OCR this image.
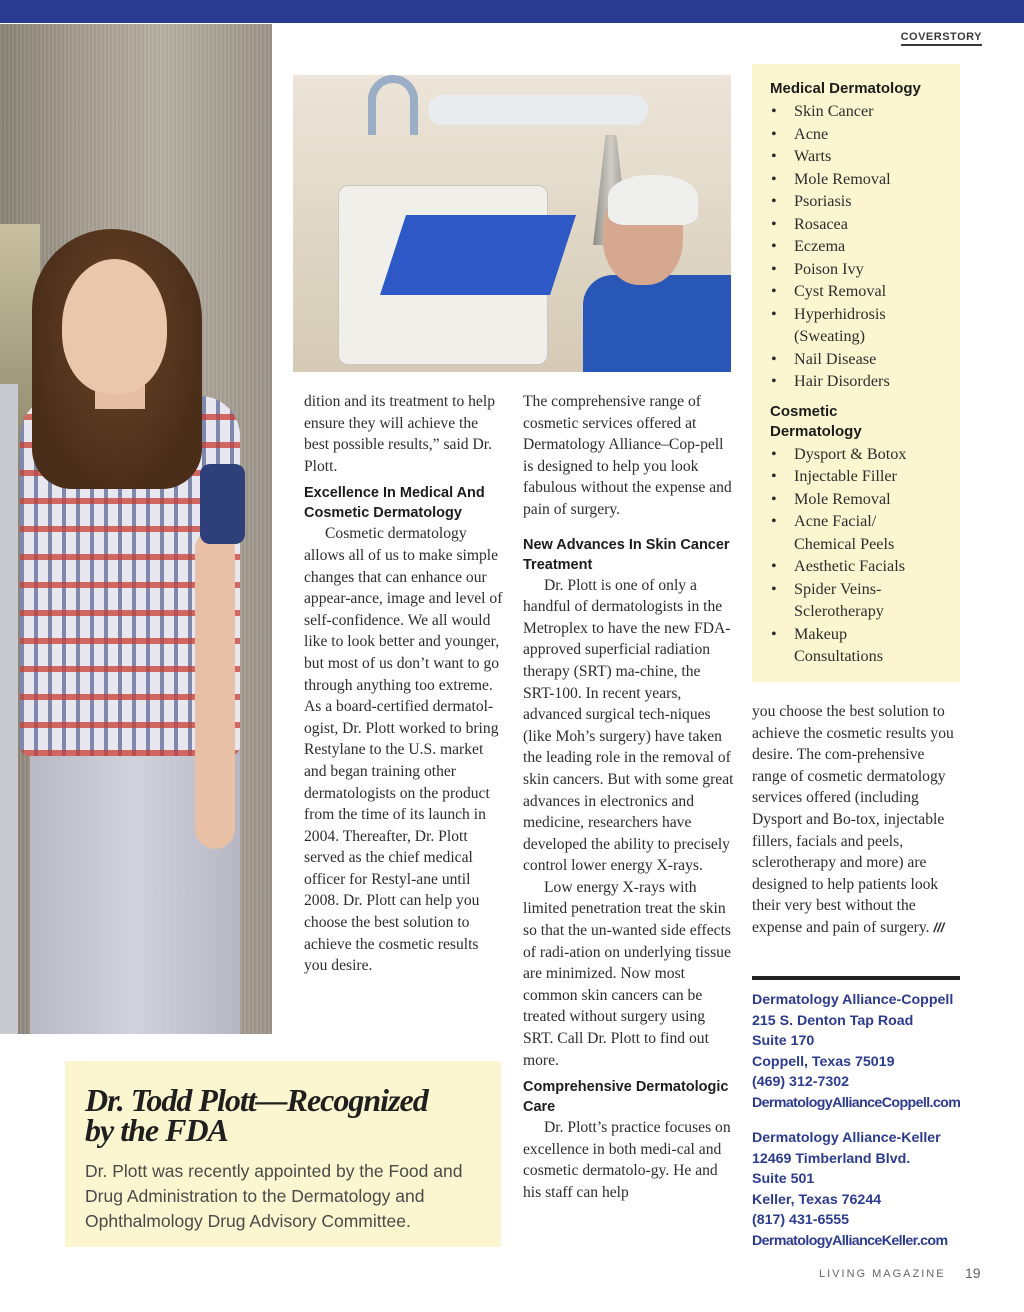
COVERSTORY

dition and its treatment to help ensure they will achieve the best possible results,” said Dr. Plott.

Excellence In Medical And Cosmetic Dermatology

Cosmetic dermatology allows all of us to make simple changes that can enhance our appear-ance, image and level of self-confidence. We all would like to look better and younger, but most of us don’t want to go through anything too extreme. As a board-certified dermatol-ogist, Dr. Plott worked to bring Restylane to the U.S. market and began training other dermatologists on the product from the time of its launch in 2004. Thereafter, Dr. Plott served as the chief medical officer for Restyl-ane until 2008. Dr. Plott can help you choose the best solution to achieve the cosmetic results you desire.

The comprehensive range of cosmetic services offered at Dermatology Alliance–Cop-pell is designed to help you look fabulous without the expense and pain of surgery.

New Advances In Skin Cancer Treatment

Dr. Plott is one of only a handful of dermatologists in the Metroplex to have the new FDA-approved superficial radiation therapy (SRT) ma-chine, the SRT-100. In recent years, advanced surgical tech-niques (like Moh’s surgery) have taken the leading role in the removal of skin cancers. But with some great advances in electronics and medicine, researchers have developed the ability to precisely control lower energy X-rays.

Low energy X-rays with limited penetration treat the skin so that the un-wanted side effects of radi-ation on underlying tissue are minimized. Now most common skin cancers can be treated without surgery using SRT. Call Dr. Plott to find out more.

Comprehensive Dermatologic Care

Dr. Plott’s practice focuses on excellence in both medi-cal and cosmetic dermatolo-gy. He and his staff can help

Medical Dermatology
• Skin Cancer
• Acne
• Warts
• Mole Removal
• Psoriasis
• Rosacea
• Eczema
• Poison Ivy
• Cyst Removal
• Hyperhidrosis (Sweating)
• Nail Disease
• Hair Disorders
Cosmetic Dermatology
• Dysport & Botox
• Injectable Filler
• Mole Removal
• Acne Facial/ Chemical Peels
• Aesthetic Facials
• Spider Veins-Sclerotherapy
• Makeup Consultations

you choose the best solution to achieve the cosmetic results you desire. The com-prehensive range of cosmetic dermatology services offered (including Dysport and Bo-tox, injectable fillers, facials and peels, sclerotherapy and more) are designed to help patients look their very best without the expense and pain of surgery. ///

Dermatology Alliance-Coppell
215 S. Denton Tap Road
Suite 170
Coppell, Texas 75019
(469) 312-7302
DermatologyAllianceCoppell.com
Dermatology Alliance-Keller
12469 Timberland Blvd.
Suite 501
Keller, Texas 76244
(817) 431-6555
DermatologyAllianceKeller.com
Dr. Todd Plott—Recognized by the FDA
Dr. Plott was recently appointed by the Food and Drug Administration to the Dermatology and Ophthalmology Drug Advisory Committee.
LIVING MAGAZINE 19
